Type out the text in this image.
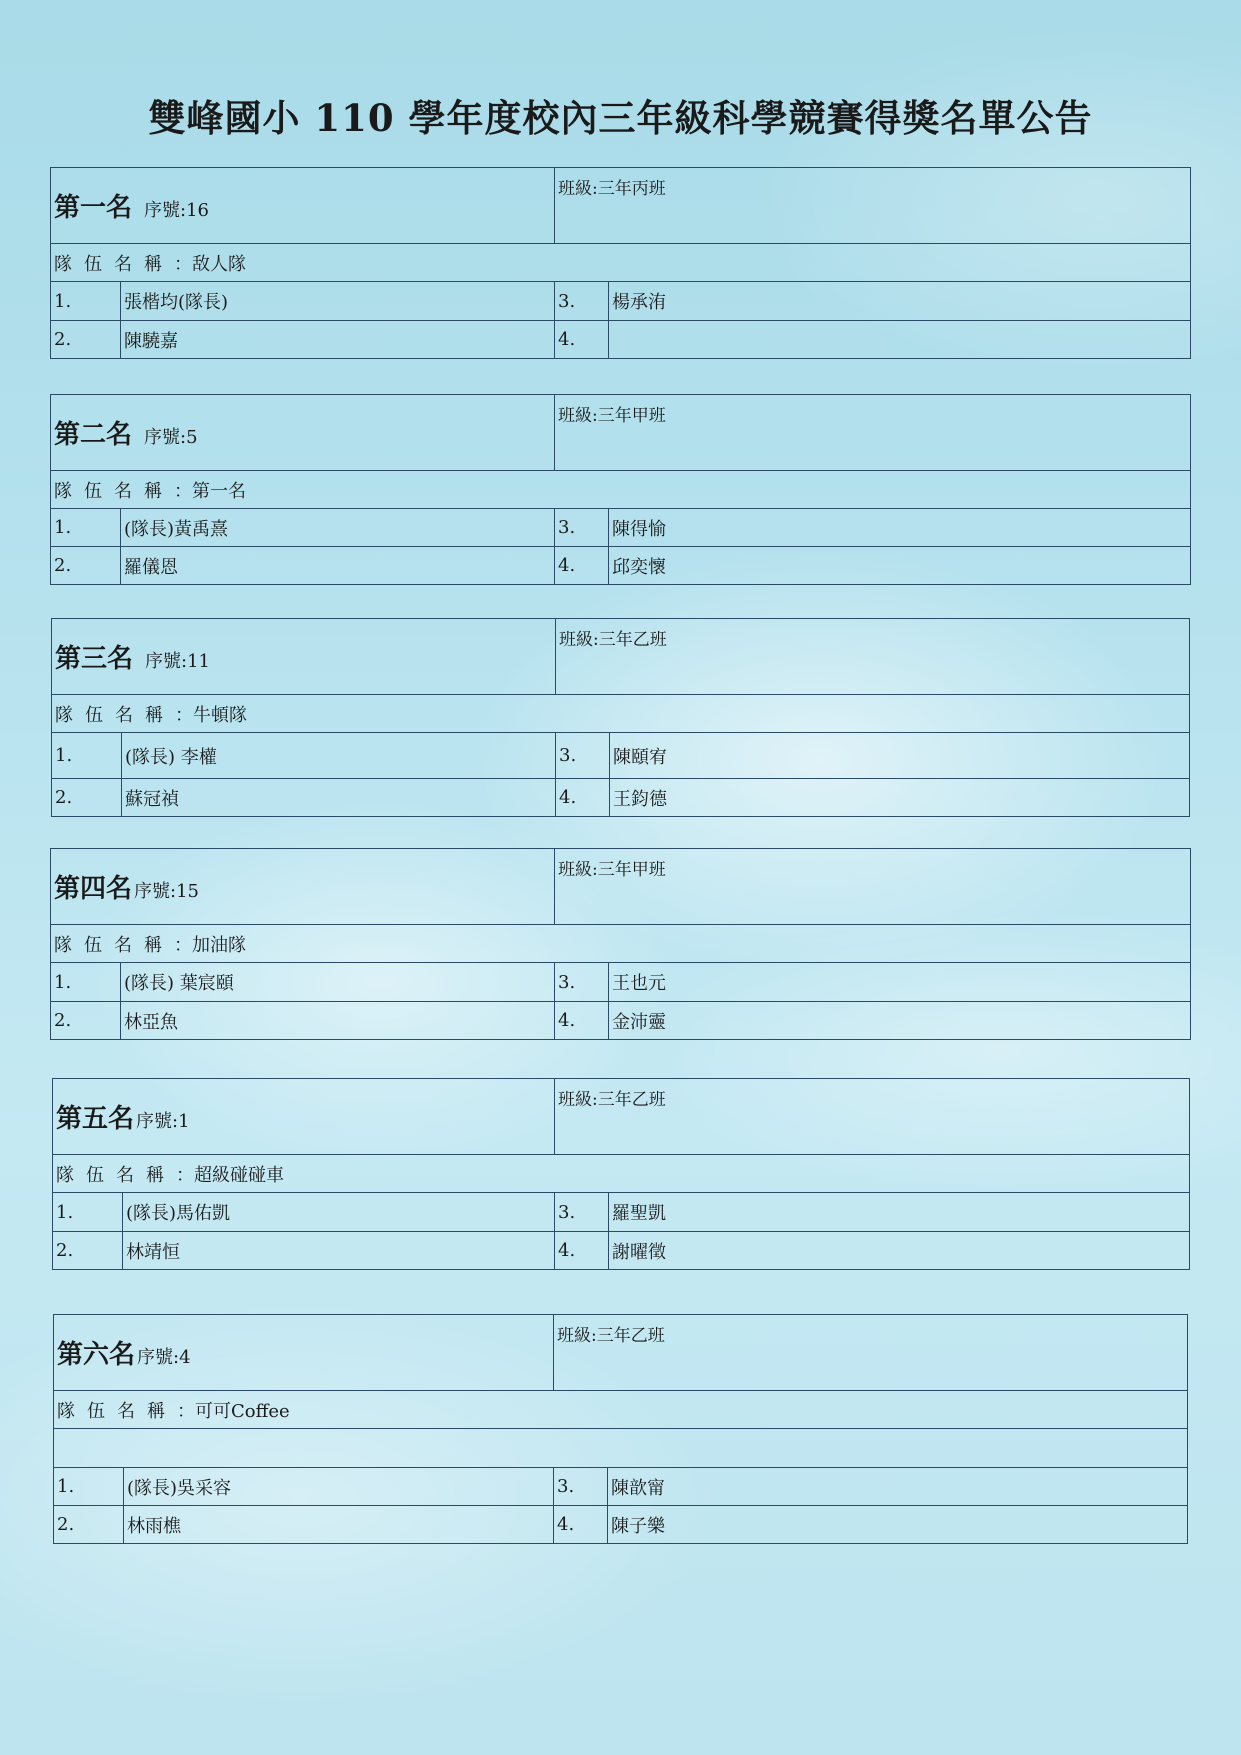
雙峰國小 110 學年度校內三年級科學競賽得獎名單公告
第一名 序號:16		班級:三年丙班	
隊伍名稱：敌人隊			
1.	張楷均(隊長)	3.	楊承洧
2.	陳驍嘉	4.	
第二名 序號:5		班級:三年甲班	
隊伍名稱：第一名			
1.	(隊長)黃禹熹	3.	陳得愉
2.	羅儀恩	4.	邱奕懷
第三名 序號:11		班級:三年乙班	
隊伍名稱：牛頓隊			
1.	(隊長) 李權	3.	陳頤宥
2.	蘇冠禎	4.	王鈞德
第四名 序號:15		班級:三年甲班	
隊伍名稱：加油隊			
1.	(隊長) 葉宸頤	3.	王也元
2.	林亞魚	4.	金沛靈
第五名 序號:1		班級:三年乙班	
隊伍名稱：超級碰碰車			
1.	(隊長)馬佑凱	3.	羅聖凱
2.	林靖恒	4.	謝曜徵
第六名 序號:4		班級:三年乙班	
隊伍名稱：可可Coffee			

1.	(隊長)吳采容	3.	陳歆甯
2.	林雨樵	4.	陳子樂
